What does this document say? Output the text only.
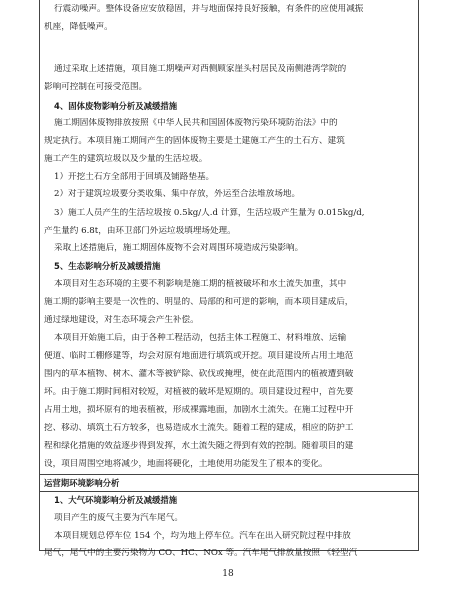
行震动噪声。整体设备应安放稳固，并与地面保持良好接触，有条件的应使用减振
机座，降低噪声。
通过采取上述措施，项目施工期噪声对西侧顾家崖头村居民及南侧港湾学院的
影响可控制在可接受范围。
4、固体废物影响分析及减缓措施
施工期固体废物排放按照《中华人民共和国固体废物污染环境防治法》中的
规定执行。本项目施工期间产生的固体废物主要是土建施工产生的土石方、建筑
施工产生的建筑垃圾以及少量的生活垃圾。
1）开挖土石方全部用于回填及铺路垫基。
2）对于建筑垃圾要分类收集、集中存放，外运至合法堆放场地。
3）施工人员产生的生活垃圾按 0.5kg/人.d 计算，生活垃圾产生量为 0.015kg/d,
产生量约 6.8t，由环卫部门外运垃圾填埋场处理。
采取上述措施后，施工期固体废物不会对周围环境造成污染影响。
5、生态影响分析及减缓措施
本项目对生态环境的主要不利影响是施工期的植被破坏和水土流失加重，其中
施工期的影响主要是一次性的、明显的、局部的和可逆的影响，而本项目建成后，
通过绿地建设，对生态环境会产生补偿。
本项目开始施工后，由于各种工程活动，包括主体工程施工、材料堆放、运输
便道、临时工棚修建等，均会对原有地面进行填筑或开挖。项目建设所占用土地范
围内的草本植物、树木、灌木等被铲除、砍伐或掩埋，使在此范围内的植被遭到破
坏。由于施工期时间相对较短，对植被的破坏是短期的。项目建设过程中，首先要
占用土地，损坏原有的地表植被，形成裸露地面，加剧水土流失。在施工过程中开
挖、移动、填筑土石方较多，也易造成水土流失。随着工程的建成，相应的防护工
程和绿化措施的效益逐步得到发挥，水土流失随之得到有效的控制。随着项目的建
设，项目周围空地将减少，地面将硬化，土地使用功能发生了根本的变化。
运营期环境影响分析
1、大气环境影响分析及减缓措施
项目产生的废气主要为汽车尾气。
本项目规划总停车位 154 个，均为地上停车位。汽车在出入研究院过程中排放
尾气，尾气中的主要污染物为 CO、HC、NOx 等。汽车尾气排放量按照 《轻型汽
18
